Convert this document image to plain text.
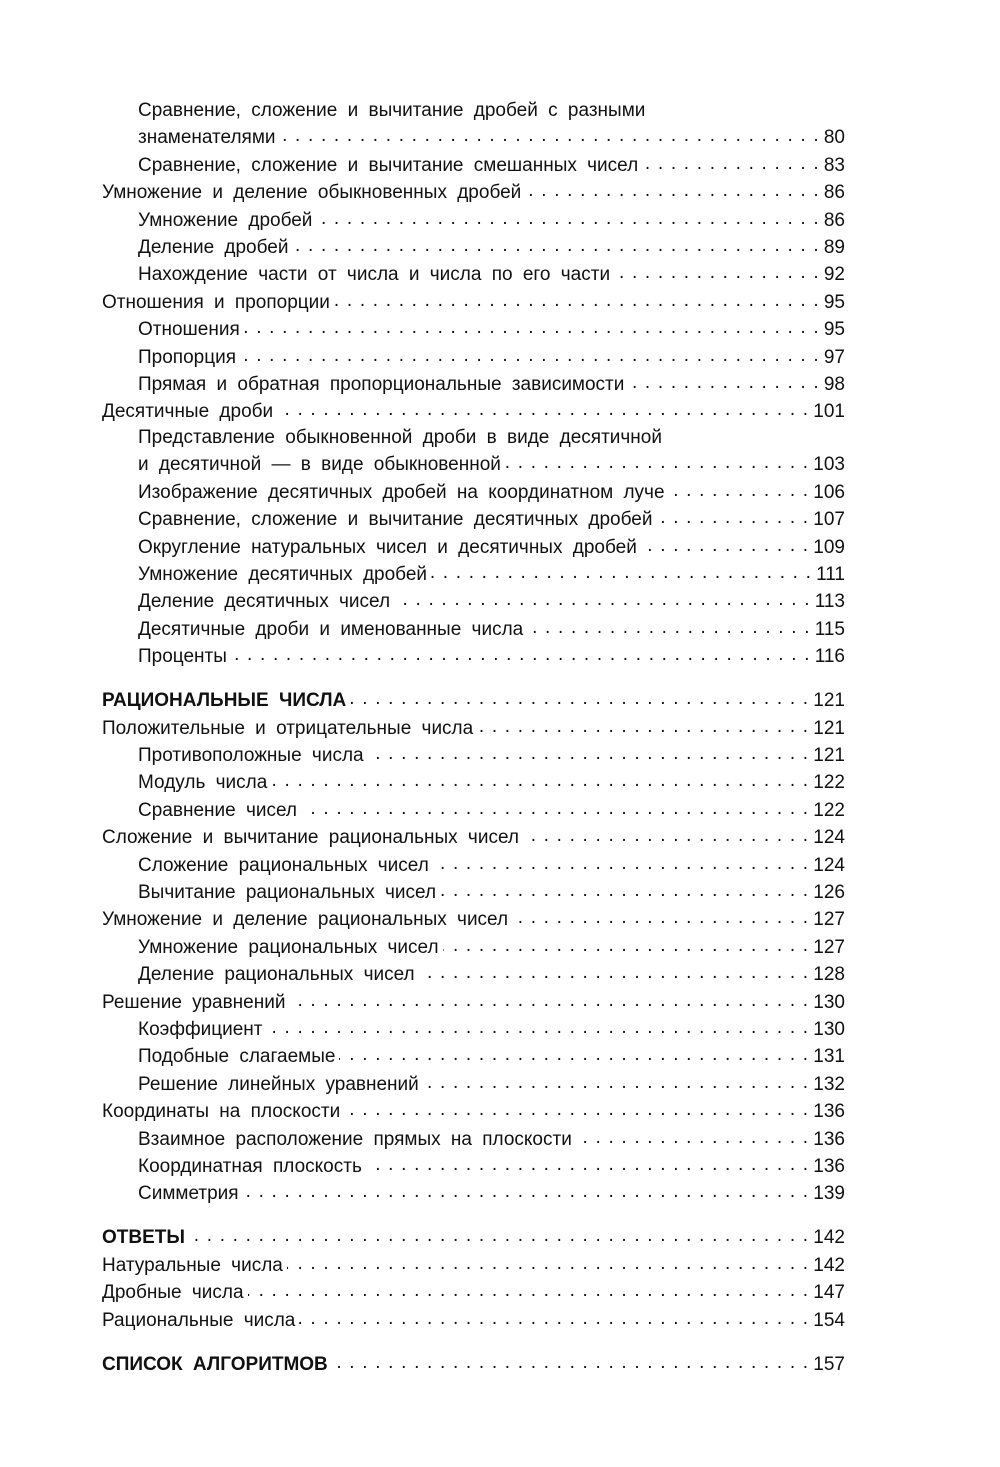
Сравнение, сложение и вычитание дробей с разными
знаменателями . . .	80
Сравнение, сложение и вычитание смешанных чисел . . .	83
Умножение и деление обыкновенных дробей . . .	86
Умножение дробей . . .	86
Деление дробей . . .	89
Нахождение части от числа и числа по его части . . .	92
Отношения и пропорции . . .	95
Отношения . . .	95
Пропорция . . .	97
Прямая и обратная пропорциональные зависимости . . .	98
Десятичные дроби . . .	101
Представление обыкновенной дроби в виде десятичной
и десятичной — в виде обыкновенной . . .	103
Изображение десятичных дробей на координатном луче . . .	106
Сравнение, сложение и вычитание десятичных дробей . . .	107
Округление натуральных чисел и десятичных дробей . . .	109
Умножение десятичных дробей . . .	111
Деление десятичных чисел . . .	113
Десятичные дроби и именованные числа . . .	115
Проценты . . .	116
РАЦИОНАЛЬНЫЕ ЧИСЛА . . .	121
Положительные и отрицательные числа . . .	121
Противоположные числа . . .	121
Модуль числа . . .	122
Сравнение чисел . . .	122
Сложение и вычитание рациональных чисел . . .	124
Сложение рациональных чисел . . .	124
Вычитание рациональных чисел . . .	126
Умножение и деление рациональных чисел . . .	127
Умножение рациональных чисел . . .	127
Деление рациональных чисел . . .	128
Решение уравнений . . .	130
Коэффициент . . .	130
Подобные слагаемые . . .	131
Решение линейных уравнений . . .	132
Координаты на плоскости . . .	136
Взаимное расположение прямых на плоскости . . .	136
Координатная плоскость . . .	136
Симметрия . . .	139
ОТВЕТЫ . . .	142
Натуральные числа . . .	142
Дробные числа . . .	147
Рациональные числа . . .	154
СПИСОК АЛГОРИТМОВ . . .	157
